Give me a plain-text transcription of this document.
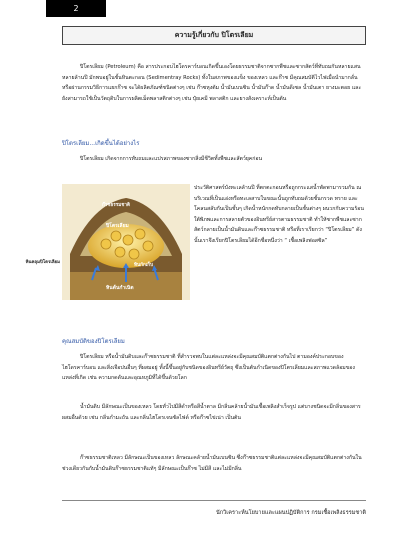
2
ความรู้เกี่ยวกับ ปิโตรเลียม

ปิโตรเลียม (Petroleum) คือ สารประกอบไฮโดรคาร์บอนเกิดขึ้นเองโดยธรรมชาติจากซากพืชและซากสัตว์ที่ทับถมกันหลายแสนหลายล้านปี มักพบอยู่ในชั้นหินตะกอน (Sedimentray Rocks) ทั้งในสภาพของแข็ง ของเหลว และก๊าซ มีคุณสมบัติไวไฟเมื่อนำมากลั่น หรือผ่านกรรมวิธีการแยกก๊าซ จะได้ผลิตภัณฑ์ชนิดต่างๆ เช่น ก๊าซหุงต้ม น้ำมันเบนซิน น้ำมันก๊าด น้ำมันดีเซล น้ำมันเตา ยางมะตอย และยังสามารถใช้เป็นวัตถุดิบในการผลิตเม็ดพลาสติกต่างๆ เช่น ปุ๋ยเคมี พลาสติก และยางสังเคราะห์เป็นต้น

ปิโตรเลียม...เกิดขึ้นได้อย่างไร

ปิโตรเลียม เกิดจากการทับถมและแปรสภาพของซากสิ่งมีชีวิตทั้งพืชและสัตว์ยุคก่อน

ก๊าซธรรมชาติ
ปิโตรเลียม
หินกักเก็บ
หินต้นกำเนิด
หินคลุมปิโตรเลียม

ประวัติศาสตร์บังทะเลล้านปี ที่ตกตะกอนหรือถูกกระแสน้ำพัดพามารวมกัน ณ บริเวณที่เป็นแอ่งหรือทะเลสาบในขณะนั้นถูกทับถมด้วยชั้นกรวด ทราย และโคลนสลับกันเป็นชั้นๆ เกิดน้ำหนักกดทับกลายเป็นชั้นต่างๆ ผนวกกับความร้อนใต้พิภพและการสลายตัวของอินทรีย์สารตามธรรมชาติ ทำให้ซากพืชและซากสัตว์กลายเป็นน้ำมันดิบและก๊าซธรรมชาติ หรือที่เราเรียกว่า “ปิโตรเลียม” ดังนั้นเราจึงเรียกปิโตรเลียมได้อีกชื่อหนึ่งว่า “ เชื้อเพลิงฟอสซิล”

คุณสมบัติของปิโตรเลียม

ปิโตรเลียม หรือน้ำมันดิบและก๊าซธรรมชาติ ที่สำรวจพบในแต่ละแหล่งจะมีคุณสมบัติแตกต่างกันไป ตามองค์ประกอบของไฮโดรคาร์บอน และสิ่งเจือปนอื่นๆ ที่ผสมอยู่ ทั้งนี้ขึ้นอยู่กับชนิดของอินทรีย์วัตถุ ซึ่งเป็นต้นกำเนิดของปิโตรเลียมและสภาพแวดล้อมของแหล่งที่เกิด เช่น ความกดดันและอุณหภูมิที่ได้ขึ้นด้วยโลก

น้ำมันดิบ มีลักษณะเป็นของเหลว โดยทั่วไปมีสีดำหรือสีน้ำตาล มีกลิ่นคล้ายน้ำมันเชื้อเพลิงสำเร็จรูป แต่บางชนิดจะมีกลิ่นของสารผสมอื่นด้วย เช่น กลิ่นกำมะถัน และกลิ่นไฮโดรเจนซัลไฟด์ หรือก๊าซไข่เน่า เป็นต้น

ก๊าซธรรมชาติเหลว มีลักษณะเป็นของเหลว ลักษณะคล้ายน้ำมันเบนซิน ซึ่งก๊าซธรรมชาติแต่ละแหล่งจะมีคุณสมบัติแตกต่างกันในช่วงเดียวกันกับน้ำมันดิบก๊าซธรรมชาติแท้ๆ มีลักษณะเป็นก๊าซ ไม่มีสี และไม่มีกลิ่น

นักวิเคราะห์นโยบายและแผนปฏิบัติการ กรมเชื้อเพลิงธรรมชาติ
